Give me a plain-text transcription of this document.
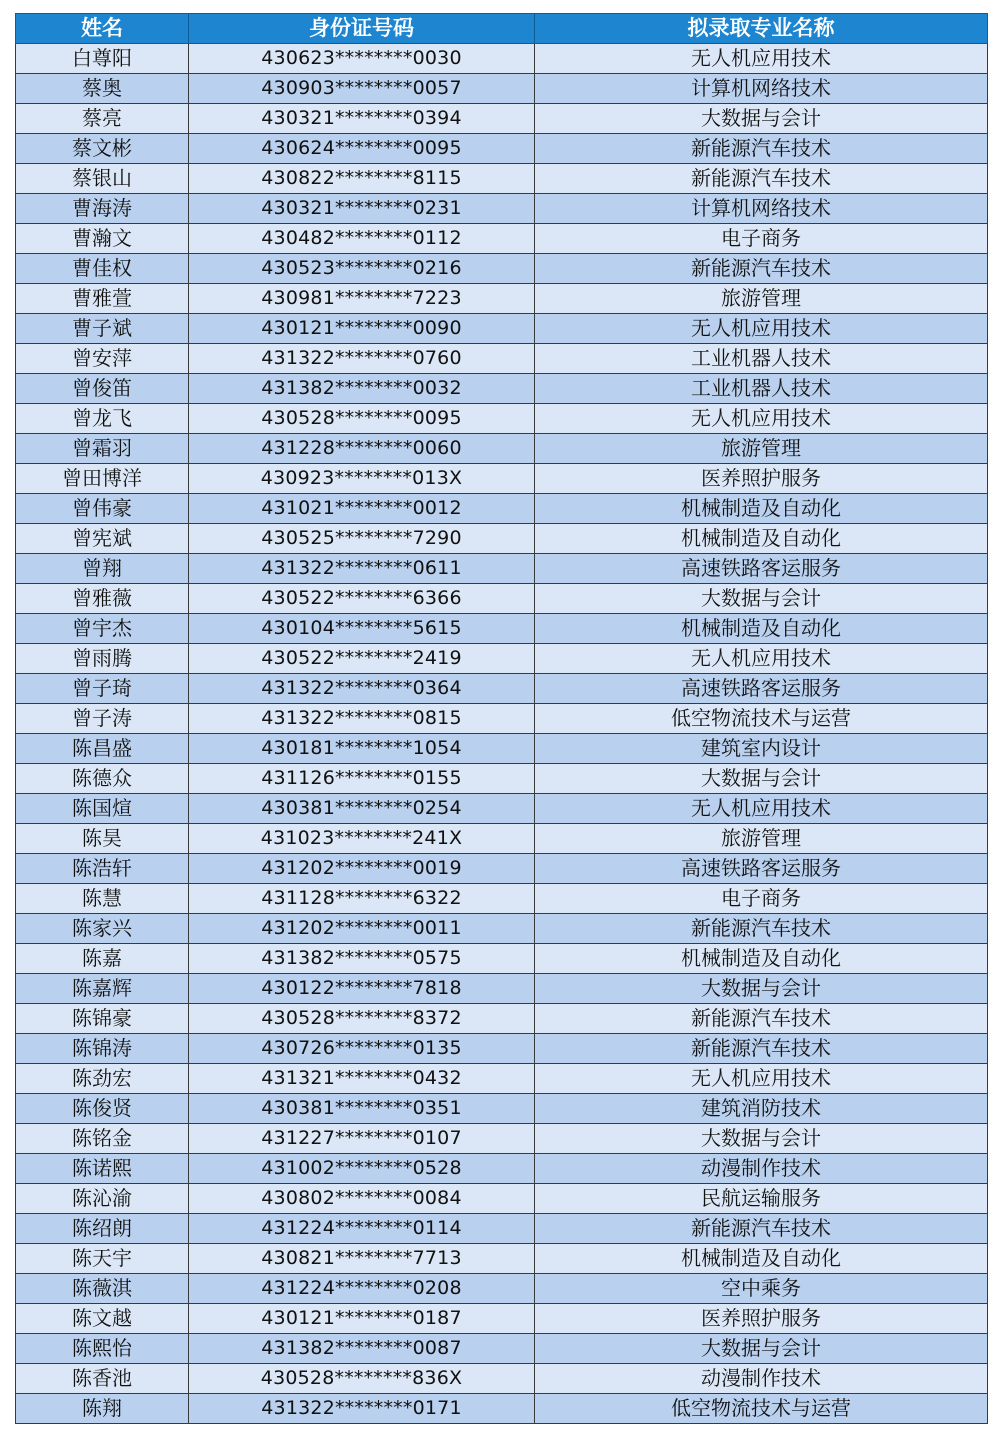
姓名	身份证号码	拟录取专业名称
白尊阳	430623********0030	无人机应用技术
蔡奥	430903********0057	计算机网络技术
蔡亮	430321********0394	大数据与会计
蔡文彬	430624********0095	新能源汽车技术
蔡银山	430822********8115	新能源汽车技术
曹海涛	430321********0231	计算机网络技术
曹瀚文	430482********0112	电子商务
曹佳权	430523********0216	新能源汽车技术
曹雅萱	430981********7223	旅游管理
曹子斌	430121********0090	无人机应用技术
曾安萍	431322********0760	工业机器人技术
曾俊笛	431382********0032	工业机器人技术
曾龙飞	430528********0095	无人机应用技术
曾霜羽	431228********0060	旅游管理
曾田博洋	430923********013X	医养照护服务
曾伟豪	431021********0012	机械制造及自动化
曾宪斌	430525********7290	机械制造及自动化
曾翔	431322********0611	高速铁路客运服务
曾雅薇	430522********6366	大数据与会计
曾宇杰	430104********5615	机械制造及自动化
曾雨腾	430522********2419	无人机应用技术
曾子琦	431322********0364	高速铁路客运服务
曾子涛	431322********0815	低空物流技术与运营
陈昌盛	430181********1054	建筑室内设计
陈德众	431126********0155	大数据与会计
陈国煊	430381********0254	无人机应用技术
陈昊	431023********241X	旅游管理
陈浩轩	431202********0019	高速铁路客运服务
陈慧	431128********6322	电子商务
陈家兴	431202********0011	新能源汽车技术
陈嘉	431382********0575	机械制造及自动化
陈嘉辉	430122********7818	大数据与会计
陈锦豪	430528********8372	新能源汽车技术
陈锦涛	430726********0135	新能源汽车技术
陈劲宏	431321********0432	无人机应用技术
陈俊贤	430381********0351	建筑消防技术
陈铭金	431227********0107	大数据与会计
陈诺熙	431002********0528	动漫制作技术
陈沁渝	430802********0084	民航运输服务
陈绍朗	431224********0114	新能源汽车技术
陈天宇	430821********7713	机械制造及自动化
陈薇淇	431224********0208	空中乘务
陈文越	430121********0187	医养照护服务
陈熙怡	431382********0087	大数据与会计
陈香池	430528********836X	动漫制作技术
陈翔	431322********0171	低空物流技术与运营
